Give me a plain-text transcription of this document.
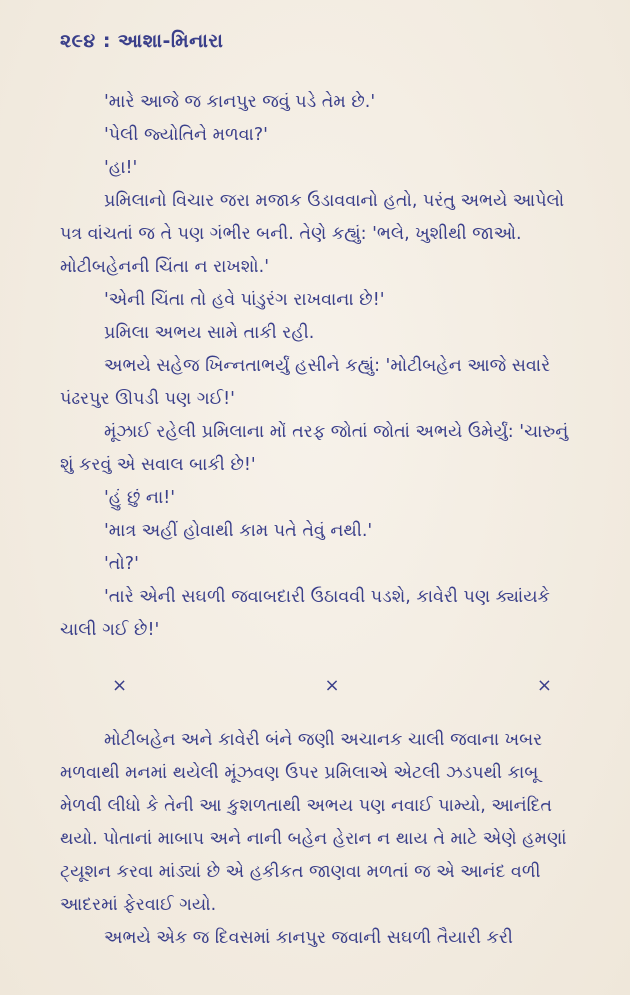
૨૯૪ : આશા-મિનારા

'મારે આજે જ કાનપુર જવું પડે તેમ છે.'

'પેલી જ્યોતિને મળવા?'

'હા!'

પ્રમિલાનો વિચાર જરા મજાક ઉડાવવાનો હતો, પરંતુ અભયે આપેલો પત્ર વાંચતાં જ તે પણ ગંભીર બની. તેણે કહ્યું: 'ભલે, ખુશીથી જાઓ. મોટીબહેનની ચિંતા ન રાખશો.'

'એની ચિંતા તો હવે પાંડુરંગ રાખવાના છે!'

પ્રમિલા અભય સામે તાકી રહી.

અભયે સહેજ ખિન્નતાભર્યું હસીને કહ્યું: 'મોટીબહેન આજે સવારે પંઢરપુર ઊપડી પણ ગઈ!'

મૂંઝાઈ રહેલી પ્રમિલાના મોં તરફ જોતાં જોતાં અભયે ઉમેર્યું: 'ચારુનું શું કરવું એ સવાલ બાકી છે!'

'હું છું ના!'

'માત્ર અહીં હોવાથી કામ પતે તેવું નથી.'

'તો?'

'તારે એની સઘળી જવાબદારી ઉઠાવવી પડશે, કાવેરી પણ ક્યાંયકે ચાલી ગઈ છે!'

×	×	×

મોટીબહેન અને કાવેરી બંને જણી અચાનક ચાલી જવાના ખબર મળવાથી મનમાં થયેલી મૂંઝવણ ઉપર પ્રમિલાએ એટલી ઝડપથી કાબૂ મેળવી લીધો કે તેની આ કુશળતાથી અભય પણ નવાઈ પામ્યો, આનંદિત થયો. પોતાનાં માબાપ અને નાની બહેન હેરાન ન થાય તે માટે એણે હમણાં ટ્યૂશન કરવા માંડ્યાં છે એ હકીકત જાણવા મળતાં જ એ આનંદ વળી આદરમાં ફેરવાઈ ગયો.

અભયે એક જ દિવસમાં કાનપુર જવાની સઘળી તૈયારી કરી
